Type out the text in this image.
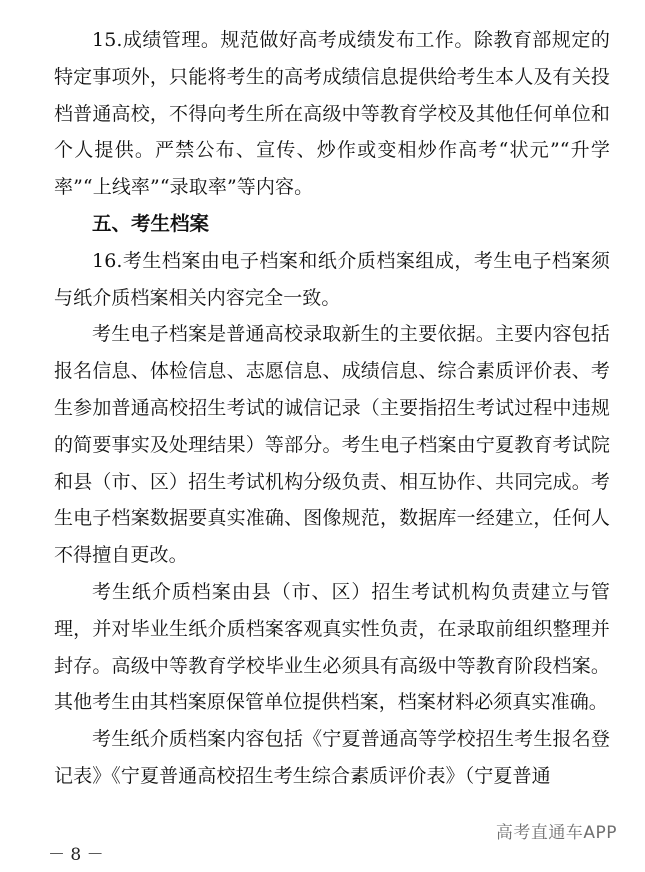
15.成绩管理。规范做好高考成绩发布工作。除教育部规定的特定事项外，只能将考生的高考成绩信息提供给考生本人及有关投档普通高校，不得向考生所在高级中等教育学校及其他任何单位和个人提供。严禁公布、宣传、炒作或变相炒作高考“状元”“升学率”“上线率”“录取率”等内容。

五、考生档案

16.考生档案由电子档案和纸介质档案组成，考生电子档案须与纸介质档案相关内容完全一致。

考生电子档案是普通高校录取新生的主要依据。主要内容包括报名信息、体检信息、志愿信息、成绩信息、综合素质评价表、考生参加普通高校招生考试的诚信记录（主要指招生考试过程中违规的简要事实及处理结果）等部分。考生电子档案由宁夏教育考试院和县（市、区）招生考试机构分级负责、相互协作、共同完成。考生电子档案数据要真实准确、图像规范，数据库一经建立，任何人不得擅自更改。

考生纸介质档案由县（市、区）招生考试机构负责建立与管理，并对毕业生纸介质档案客观真实性负责，在录取前组织整理并封存。高级中等教育学校毕业生必须具有高级中等教育阶段档案。其他考生由其档案原保管单位提供档案，档案材料必须真实准确。

考生纸介质档案内容包括《宁夏普通高等学校招生考生报名登记表》《宁夏普通高校招生考生综合素质评价表》（宁夏普通

高考直通车APP
－ 8 －
